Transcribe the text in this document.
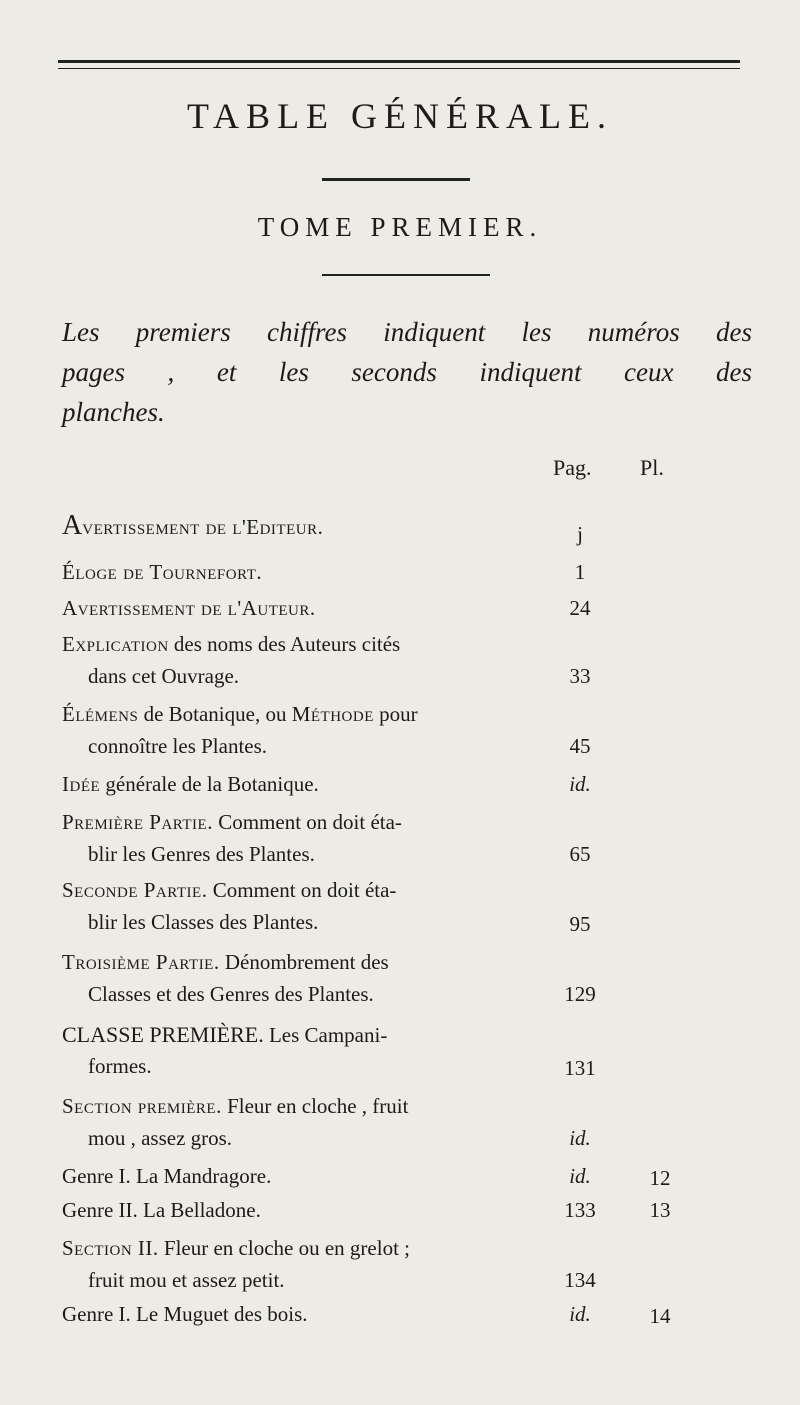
TABLE GÉNÉRALE.
TOME PREMIER.
Les premiers chiffres indiquent les numéros des
pages , et les seconds indiquent ceux des
planches.
Pag. Pl.
Avertissement de l'Editeur.	j
Éloge de Tournefort.	1
Avertissement de l'Auteur.	24
Explication des noms des Auteurs cités
dans cet Ouvrage.	33
Élémens de Botanique, ou Méthode pour
connoître les Plantes.	45
Idée générale de la Botanique.	id.
Première Partie. Comment on doit éta-
blir les Genres des Plantes.	65
Seconde Partie. Comment on doit éta-
blir les Classes des Plantes.	95
Troisième Partie. Dénombrement des
Classes et des Genres des Plantes.	129
CLASSE PREMIÈRE. Les Campani-
formes.	131
Section première. Fleur en cloche , fruit
mou , assez gros.	id.
Genre I. La Mandragore.	id.	12
Genre II. La Belladone.	133	13
Section II. Fleur en cloche ou en grelot ;
fruit mou et assez petit.	134
Genre I. Le Muguet des bois.	id.	14
